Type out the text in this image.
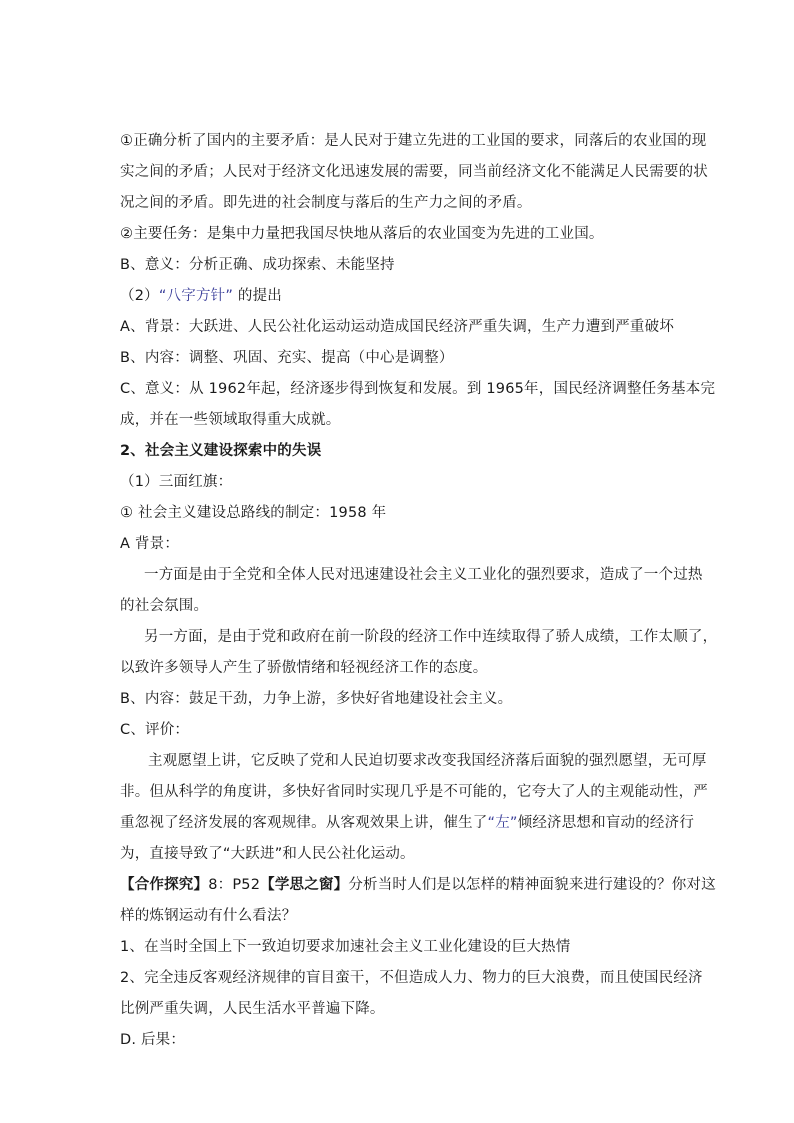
①正确分析了国内的主要矛盾：是人民对于建立先进的工业国的要求，同落后的农业国的现
实之间的矛盾；人民对于经济文化迅速发展的需要，同当前经济文化不能满足人民需要的状
况之间的矛盾。即先进的社会制度与落后的生产力之间的矛盾。
②主要任务：是集中力量把我国尽快地从落后的农业国变为先进的工业国。
B、意义：分析正确、成功探索、未能坚持
（2）“八字方针” 的提出
A、背景：大跃进、人民公社化运动运动造成国民经济严重失调，生产力遭到严重破坏
B、内容：调整、巩固、充实、提高（中心是调整）
C、意义：从 1962年起，经济逐步得到恢复和发展。到 1965年，国民经济调整任务基本完
成，并在一些领域取得重大成就。
2、社会主义建设探索中的失误
（1）三面红旗：
① 社会主义建设总路线的制定：1958 年
A 背景：
一方面是由于全党和全体人民对迅速建设社会主义工业化的强烈要求，造成了一个过热
的社会氛围。
另一方面，是由于党和政府在前一阶段的经济工作中连续取得了骄人成绩，工作太顺了，
以致许多领导人产生了骄傲情绪和轻视经济工作的态度。
B、内容：鼓足干劲，力争上游，多快好省地建设社会主义。
C、评价：
主观愿望上讲，它反映了党和人民迫切要求改变我国经济落后面貌的强烈愿望，无可厚
非。但从科学的角度讲，多快好省同时实现几乎是不可能的，它夸大了人的主观能动性，严
重忽视了经济发展的客观规律。从客观效果上讲，催生了“左”倾经济思想和盲动的经济行
为，直接导致了“大跃进”和人民公社化运动。
【合作探究】8：P52【学思之窗】分析当时人们是以怎样的精神面貌来进行建设的？你对这
样的炼钢运动有什么看法？
1、在当时全国上下一致迫切要求加速社会主义工业化建设的巨大热情
2、完全违反客观经济规律的盲目蛮干，不但造成人力、物力的巨大浪费，而且使国民经济
比例严重失调，人民生活水平普遍下降。
D. 后果：
